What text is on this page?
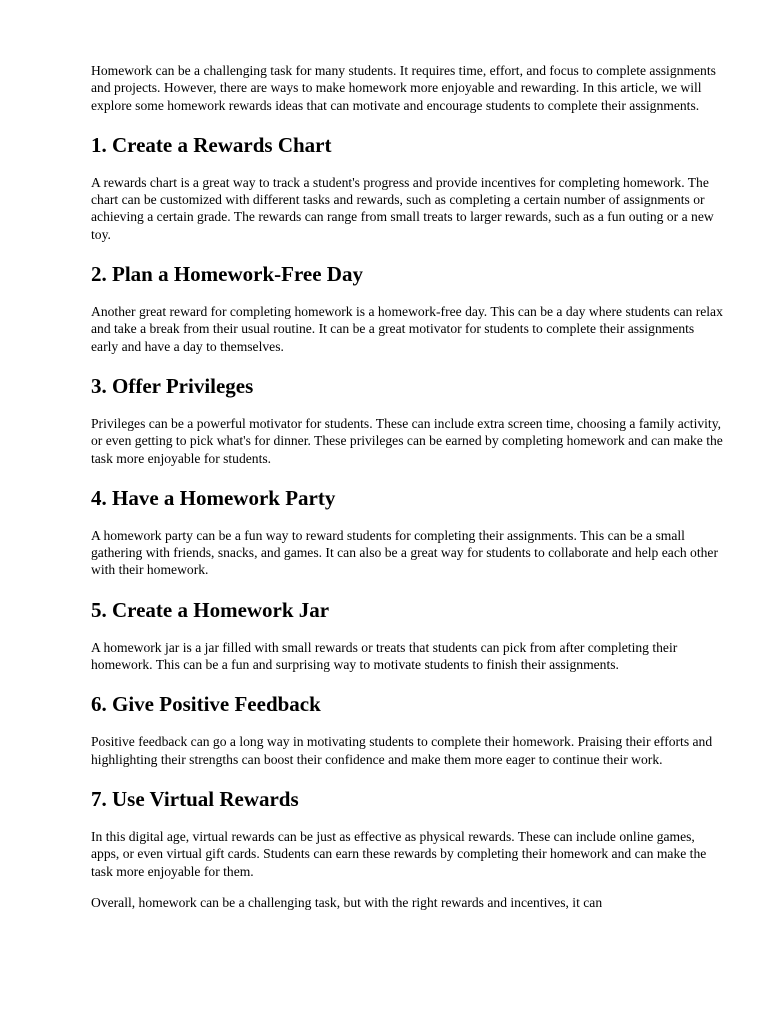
Homework can be a challenging task for many students. It requires time, effort, and focus to complete assignments and projects. However, there are ways to make homework more enjoyable and rewarding. In this article, we will explore some homework rewards ideas that can motivate and encourage students to complete their assignments.

1. Create a Rewards Chart

A rewards chart is a great way to track a student's progress and provide incentives for completing homework. The chart can be customized with different tasks and rewards, such as completing a certain number of assignments or achieving a certain grade. The rewards can range from small treats to larger rewards, such as a fun outing or a new toy.

2. Plan a Homework-Free Day

Another great reward for completing homework is a homework-free day. This can be a day where students can relax and take a break from their usual routine. It can be a great motivator for students to complete their assignments early and have a day to themselves.

3. Offer Privileges

Privileges can be a powerful motivator for students. These can include extra screen time, choosing a family activity, or even getting to pick what's for dinner. These privileges can be earned by completing homework and can make the task more enjoyable for students.

4. Have a Homework Party

A homework party can be a fun way to reward students for completing their assignments. This can be a small gathering with friends, snacks, and games. It can also be a great way for students to collaborate and help each other with their homework.

5. Create a Homework Jar

A homework jar is a jar filled with small rewards or treats that students can pick from after completing their homework. This can be a fun and surprising way to motivate students to finish their assignments.

6. Give Positive Feedback

Positive feedback can go a long way in motivating students to complete their homework. Praising their efforts and highlighting their strengths can boost their confidence and make them more eager to continue their work.

7. Use Virtual Rewards

In this digital age, virtual rewards can be just as effective as physical rewards. These can include online games, apps, or even virtual gift cards. Students can earn these rewards by completing their homework and can make the task more enjoyable for them.

Overall, homework can be a challenging task, but with the right rewards and incentives, it can
